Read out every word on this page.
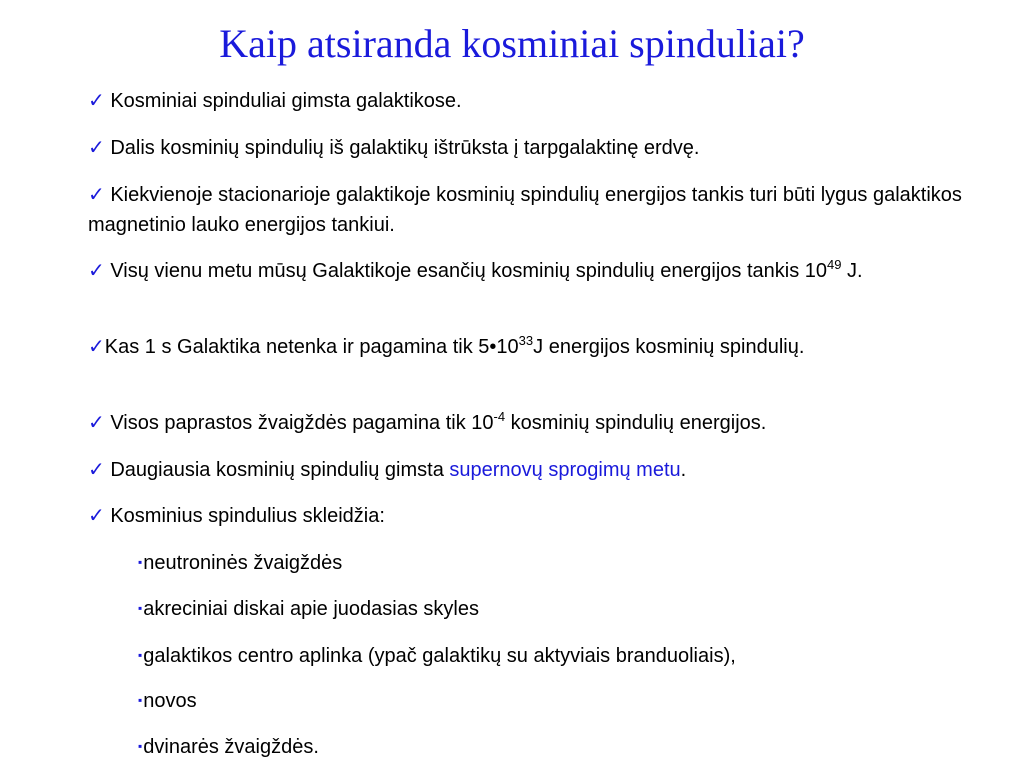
Kaip atsiranda kosminiai spinduliai?
✓ Kosminiai spinduliai gimsta galaktikose.
✓ Dalis kosminių spindulių iš galaktikų ištrūksta į tarpgalaktinę erdvę.
✓ Kiekvienoje stacionarioje galaktikoje kosminių spindulių energijos tankis turi būti lygus galaktikos magnetinio lauko energijos tankiui.
✓ Visų vienu metu mūsų Galaktikoje esančių kosminių spindulių energijos tankis $10^{49}$ J.
✓Kas 1 s Galaktika netenka ir pagamina tik $5•10^{33}J$ energijos kosminių spindulių.
✓ Visos paprastos žvaigždės pagamina tik $10^{-4}$ kosminių spindulių energijos.
✓ Daugiausia kosminių spindulių gimsta supernovų sprogimų metu.
✓ Kosminius spindulius skleidžia:
▪neutroninės žvaigždės
▪akreciniai diskai apie juodasias skyles
▪galaktikos centro aplinka (ypač galaktikų su aktyviais branduoliais),
▪novos
▪dvinarės žvaigždės.
